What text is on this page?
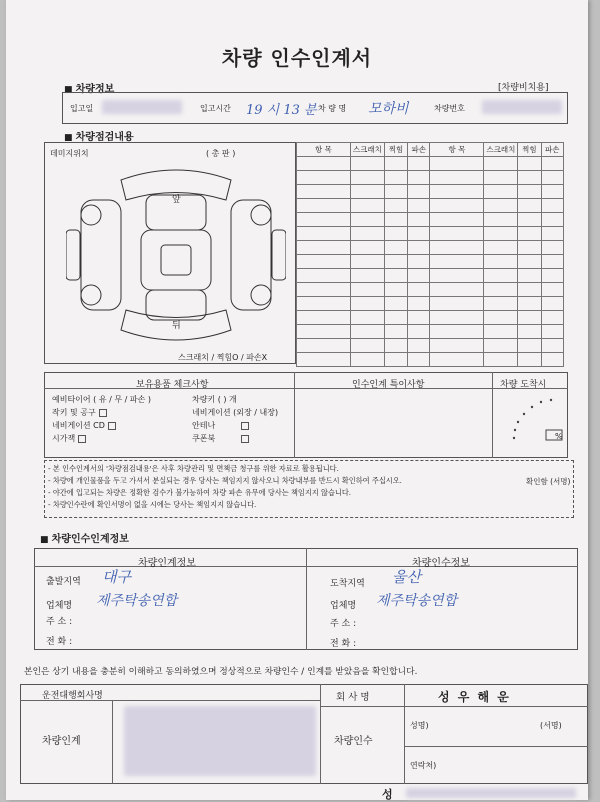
차량 인수인계서
■ 차량정보	[차량비치용]
입고일	입고시간 19 시 13 분 차 량 명 모하비	차량번호
■ 차량점검내용
데미지위치	( 총 판 )
앞
뒤
스크래치 / 찍힘O / 파손X
항 목	스크래치	찍힘	파손	항 목	스크래치	찍힘	파손

보유용품 체크사항	인수인계 특이사항	차량 도착시
예비타이어 ( 유 / 무 / 파손 )
작키 및 공구
네비게이션 CD
시가잭
차량키 ( ) 개
네비게이션 (외장 / 내장)
안테나
쿠폰북	%
- 본 인수인계서의 '차량점검내용'은 사후 차량관리 및 면책금 청구를 위한 자료로 활용됩니다.
- 차량에 개인물품을 두고 가셔서 분실되는 경우 당사는 책임지지 않사오니 차량내부를 반드시 확인하여 주십시오.
- 야간에 입고되는 차량은 정확한 검수가 불가능하여 차량 파손 유무에 당사는 책임지지 않습니다.
- 차량인수란에 확인서명이 없을 시에는 당사는 책임지지 않습니다.
확인함 (서명)
■ 차량인수인계정보
차량인계정보	차량인수정보
출발지역 대구
업체명 제주탁송연합
주 소 :
전 화 :
도착지역 울산
업체명 제주탁송연합
주 소 :
전 화 :
본인은 상기 내용을 충분히 이해하고 동의하였으며 정상적으로 차량인수 / 인계를 받았음을 확인합니다.
운전대행회사명	회 사 명	성 우 해 운
차량인계	차량인수
성명)	(서명)
연락처)
성
